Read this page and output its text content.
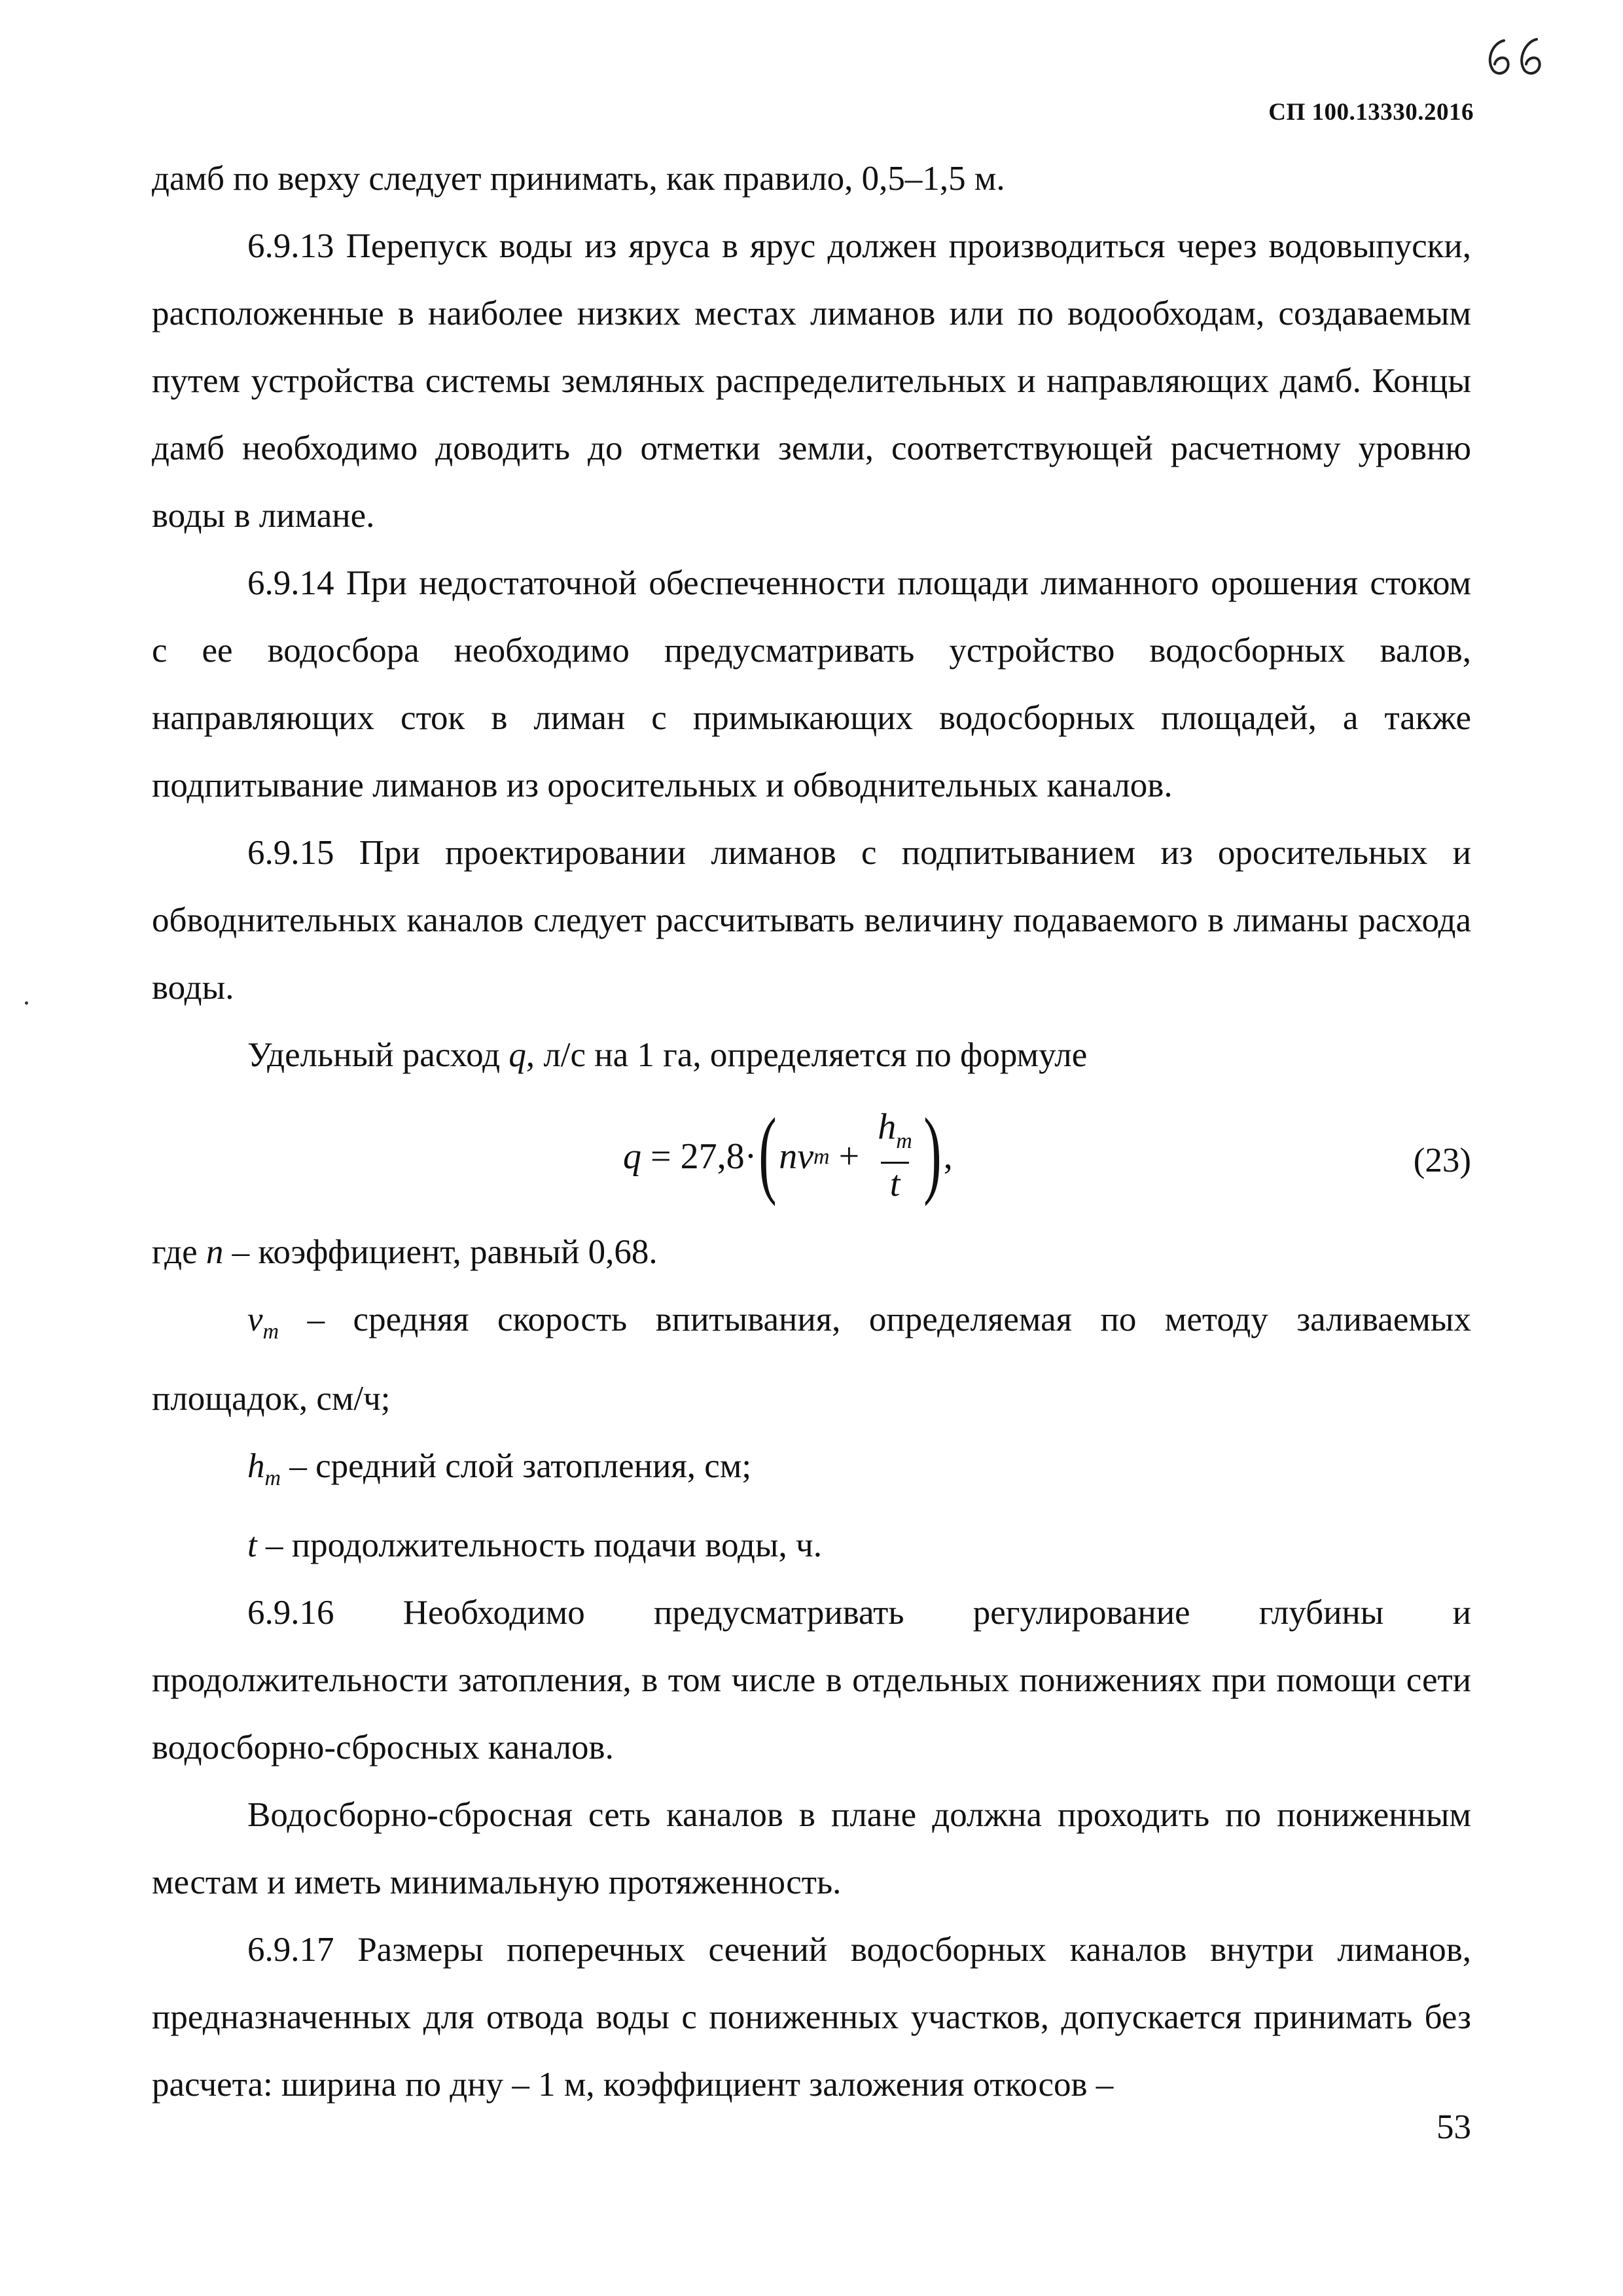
СП 100.13330.2016

дамб по верху следует принимать, как правило, 0,5–1,5 м.

6.9.13 Перепуск воды из яруса в ярус должен производиться через водовыпуски, расположенные в наиболее низких местах лиманов или по водообходам, создаваемым путем устройства системы земляных распределительных и направляющих дамб. Концы дамб необходимо доводить до отметки земли, соответствующей расчетному уровню воды в лимане.

6.9.14 При недостаточной обеспеченности площади лиманного орошения стоком с ее водосбора необходимо предусматривать устройство водосборных валов, направляющих сток в лиман с примыкающих водосборных площадей, а также подпитывание лиманов из оросительных и обводнительных каналов.

6.9.15 При проектировании лиманов с подпитыванием из оросительных и обводнительных каналов следует рассчитывать величину подаваемого в лиманы расхода воды.

Удельный расход q, л/с на 1 га, определяется по формуле

q = 27,8· ( nv $m + \frac{h_m}{t}$ ) ,	(23)

где n – коэффициент, равный 0,68.

$v_m$ – средняя скорость впитывания, определяемая по методу заливаемых площадок, см/ч;

$h_m$ – средний слой затопления, см;

t – продолжительность подачи воды, ч.

6.9.16 Необходимо предусматривать регулирование глубины и продолжительности затопления, в том числе в отдельных понижениях при помощи сети водосборно-сбросных каналов.

Водосборно-сбросная сеть каналов в плане должна проходить по пониженным местам и иметь минимальную протяженность.

6.9.17 Размеры поперечных сечений водосборных каналов внутри лиманов, предназначенных для отвода воды с пониженных участков, допускается принимать без расчета: ширина по дну – 1 м, коэффициент заложения откосов –

53
